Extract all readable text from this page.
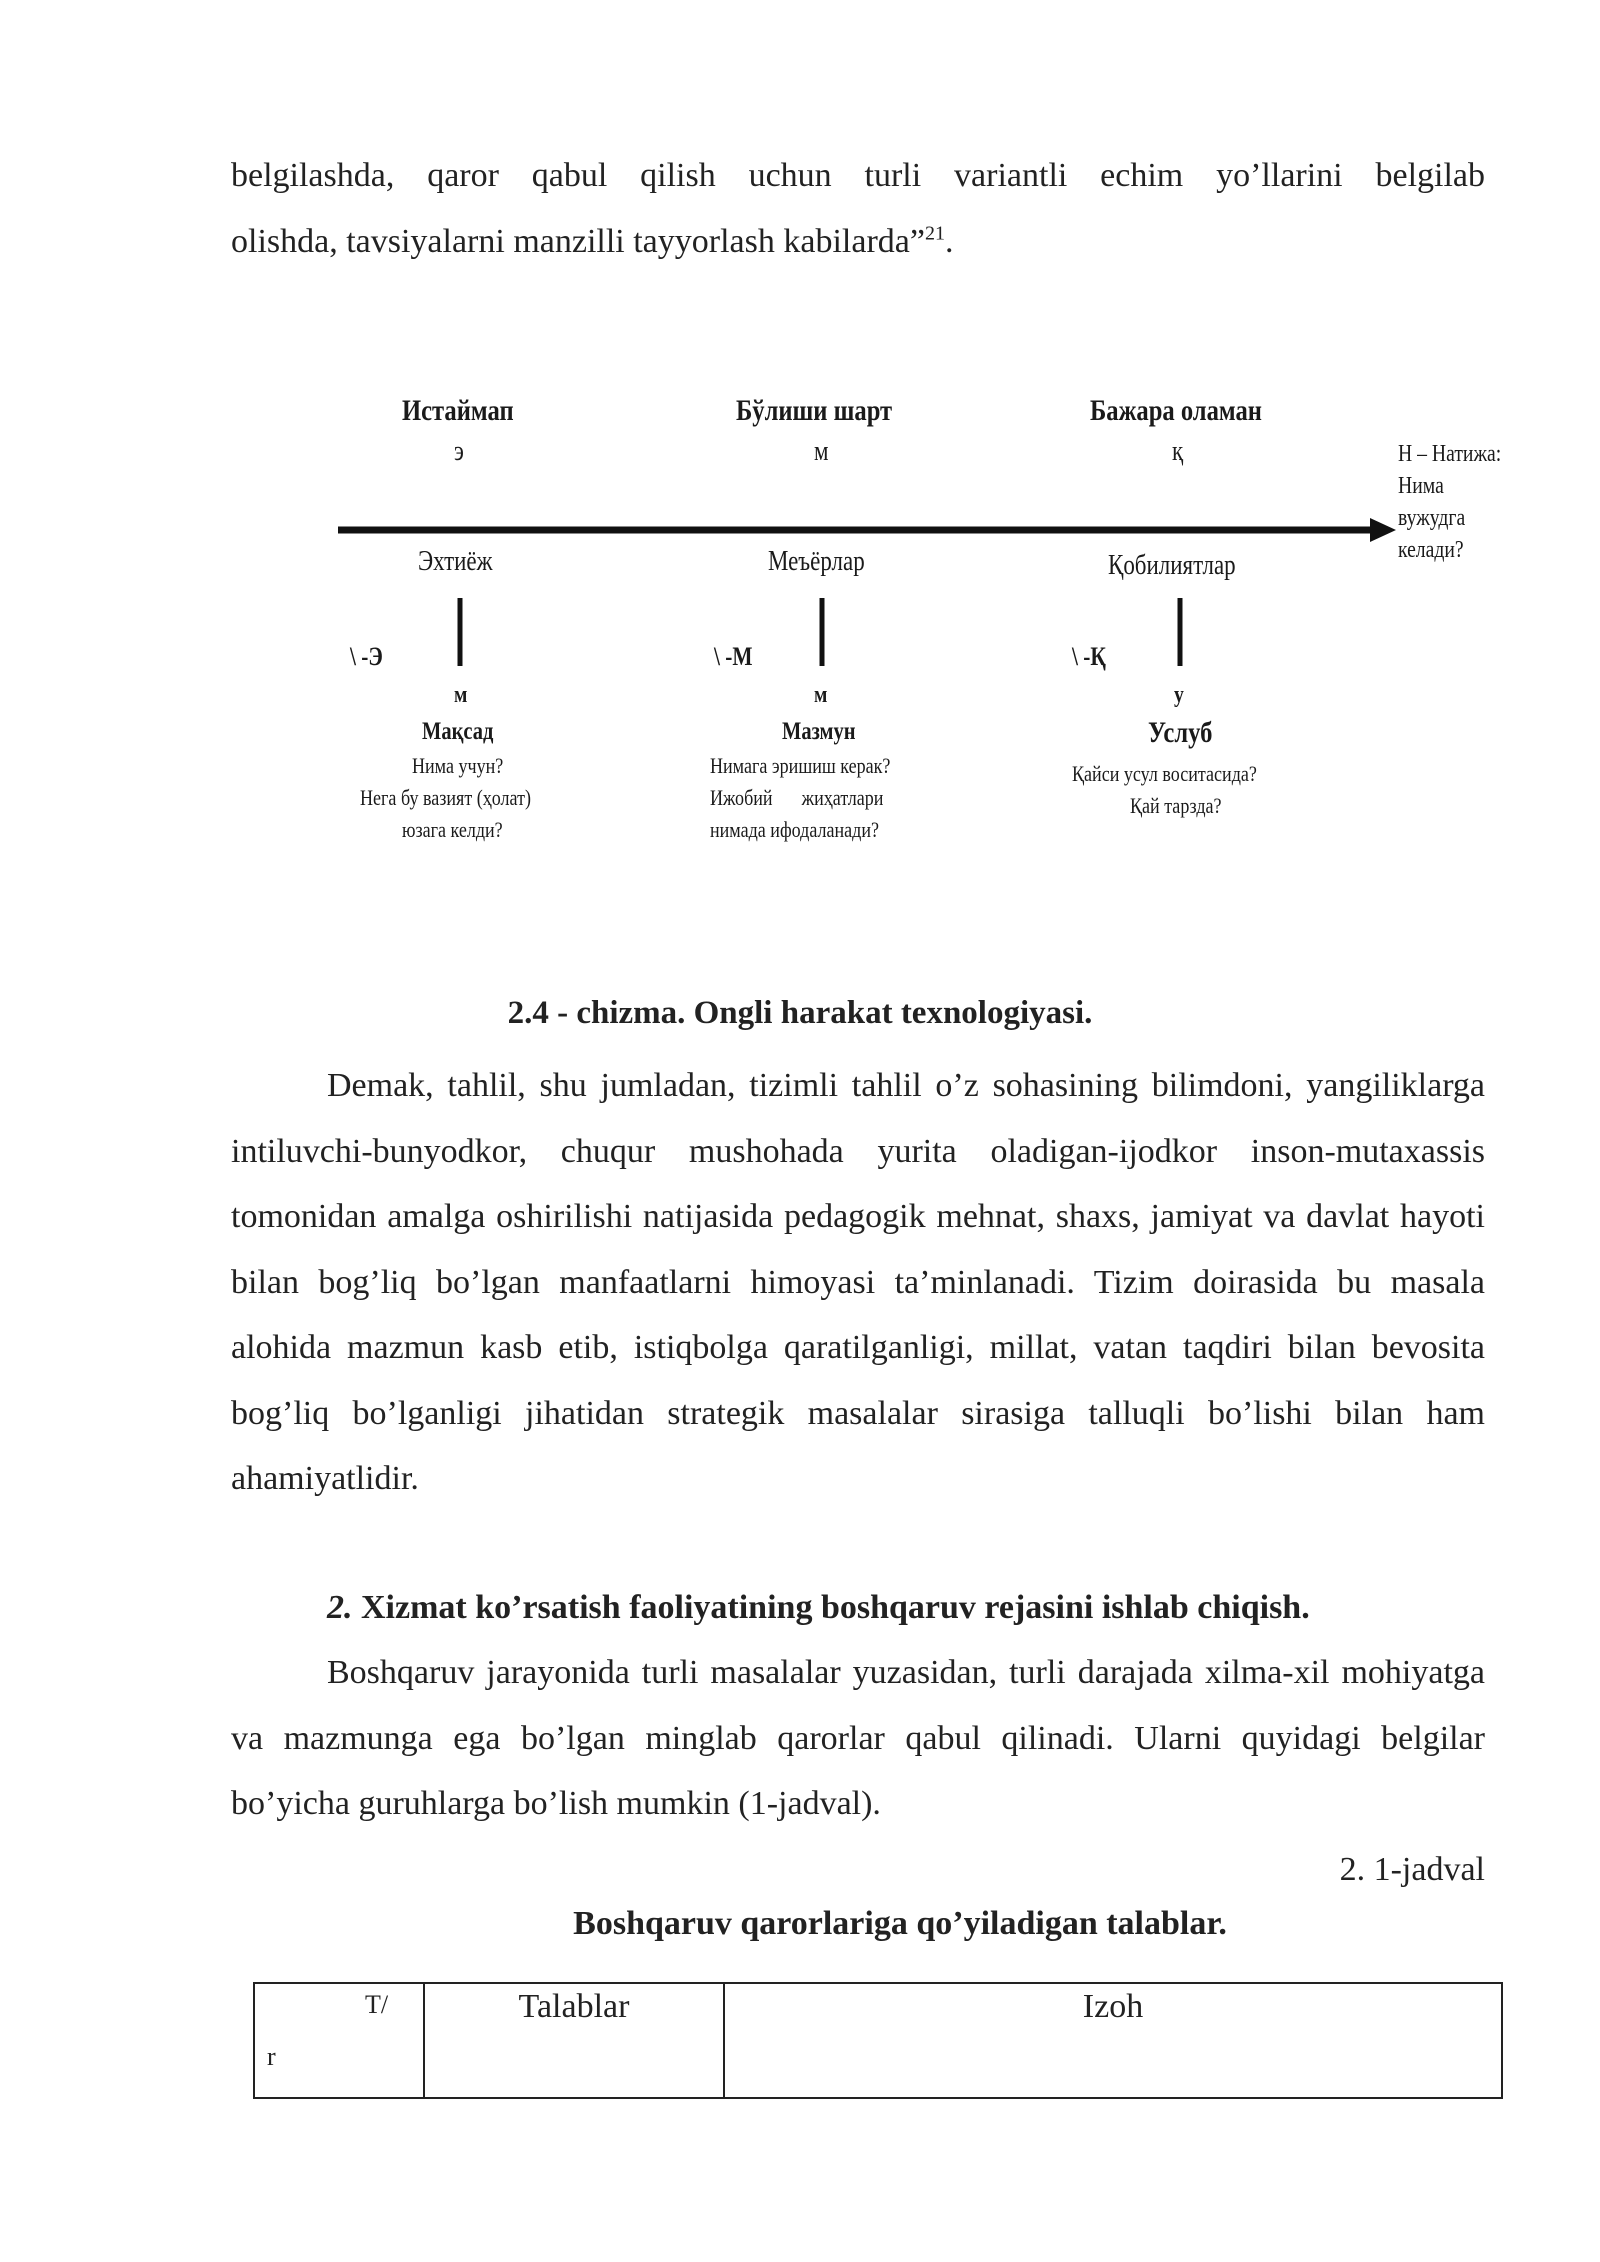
belgilashda, qaror qabul qilish uchun turli variantli echim yo’llarini belgilab
olishda, tavsiyalarni manzilli tayyorlash kabilarda”$^{21}$.
Истаймап
э
Эхтиёж
\ -Э
м
Мақсад
Нима учун?
Нега бу вазият (ҳолат)
юзага келди?
Бўлиши шарт
м
Меъёрлар
\ -М
м
Мазмун
Нимага эришиш керак?
Ижобий жиҳатлари
нимада ифодаланади?
Бажара оламан
қ
Қобилиятлар
\ -Қ
у
Услуб
Қайси усул воситасида?
Қай тарзда?
Н – Натижа:
Нима
вужудга
келади?
2.4 - chizma. Ongli harakat texnologiyasi.
Demak, tahlil, shu jumladan, tizimli tahlil o’z sohasining bilimdoni, yangiliklarga intiluvchi-bunyodkor, chuqur mushohada yurita oladigan-ijodkor inson-mutaxassis tomonidan amalga oshirilishi natijasida pedagogik mehnat, shaxs, jamiyat va davlat hayoti bilan bog’liq bo’lgan manfaatlarni himoyasi ta’minlanadi. Tizim doirasida bu masala alohida mazmun kasb etib, istiqbolga qaratilganligi, millat, vatan taqdiri bilan bevosita bog’liq bo’lganligi jihatidan strategik masalalar sirasiga talluqli bo’lishi bilan ham ahamiyatlidir.
2. Xizmat ko’rsatish faoliyatining boshqaruv rejasini ishlab chiqish.
Boshqaruv jarayonida turli masalalar yuzasidan, turli darajada xilma-xil mohiyatga va mazmunga ega bo’lgan minglab qarorlar qabul qilinadi. Ularni quyidagi belgilar bo’yicha guruhlarga bo’lish mumkin (1-jadval).
2. 1-jadval
Boshqaruv qarorlariga qo’yiladigan talablar.
T/
r
	Talablar	Izoh
